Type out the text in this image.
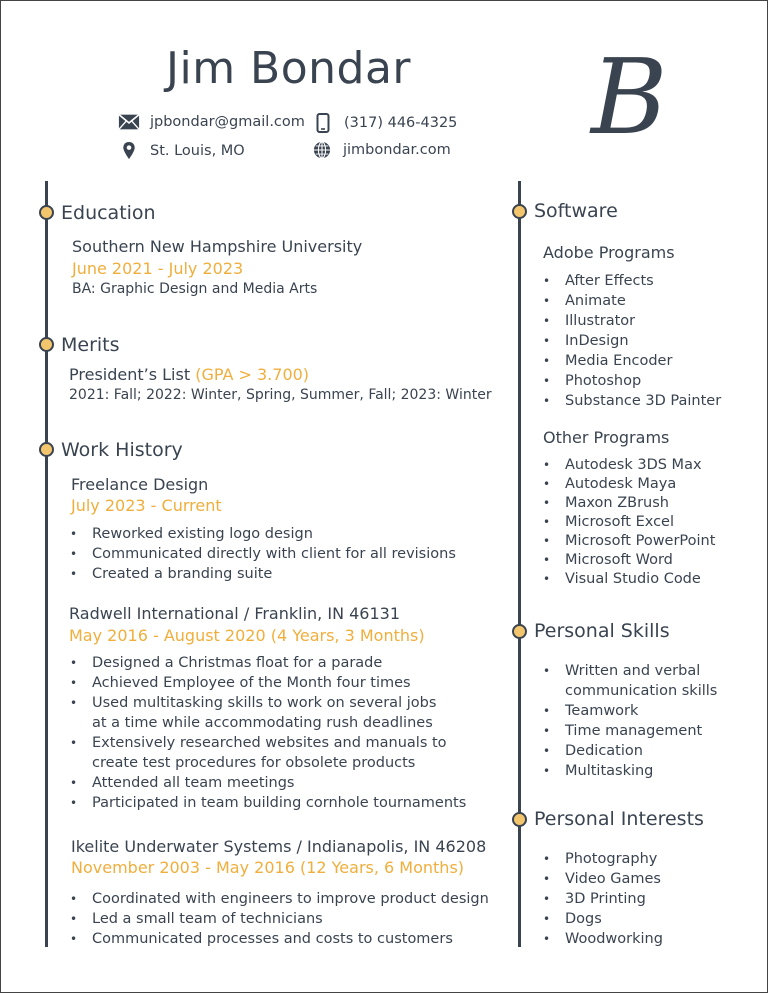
Jim Bondar B
jpbondar@gmail.com	(317) 446-4325
St. Louis, MO	jimbondar.com
Education
Southern New Hampshire University
June 2021 - July 2023
BA: Graphic Design and Media Arts
Merits
President’s List (GPA > 3.700)
2021: Fall; 2022: Winter, Spring, Summer, Fall; 2023: Winter
Work History
Freelance Design
July 2023 - Current
• Reworked existing logo design
• Communicated directly with client for all revisions
• Created a branding suite
Radwell International / Franklin, IN 46131
May 2016 - August 2020 (4 Years, 3 Months)
• Designed a Christmas float for a parade
• Achieved Employee of the Month four times
• Used multitasking skills to work on several jobs at a time while accommodating rush deadlines
• Extensively researched websites and manuals to create test procedures for obsolete products
• Attended all team meetings
• Participated in team building cornhole tournaments
Ikelite Underwater Systems / Indianapolis, IN 46208
November 2003 - May 2016 (12 Years, 6 Months)
• Coordinated with engineers to improve product design
• Led a small team of technicians
• Communicated processes and costs to customers
Software
Adobe Programs
• After Effects
• Animate
• Illustrator
• InDesign
• Media Encoder
• Photoshop
• Substance 3D Painter
Other Programs
• Autodesk 3DS Max
• Autodesk Maya
• Maxon ZBrush
• Microsoft Excel
• Microsoft PowerPoint
• Microsoft Word
• Visual Studio Code
Personal Skills
• Written and verbal communication skills
• Teamwork
• Time management
• Dedication
• Multitasking
Personal Interests
• Photography
• Video Games
• 3D Printing
• Dogs
• Woodworking
